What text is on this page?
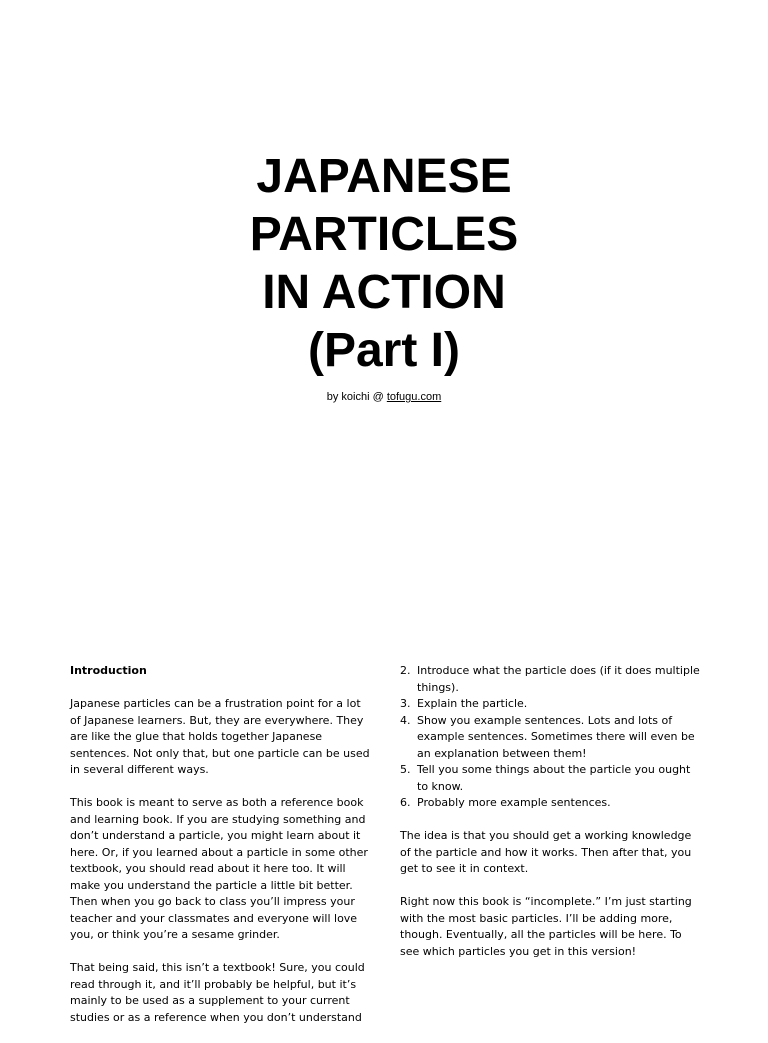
JAPANESE
PARTICLES
IN ACTION
(Part I)
by koichi @ tofugu.com

Introduction

Japanese particles can be a frustration point for a lot of Japanese learners. But, they are everywhere. They are like the glue that holds together Japanese sentences. Not only that, but one particle can be used in several different ways.

This book is meant to serve as both a reference book and learning book. If you are studying something and don’t understand a particle, you might learn about it here. Or, if you learned about a particle in some other textbook, you should read about it here too. It will make you understand the particle a little bit better. Then when you go back to class you’ll impress your teacher and your classmates and everyone will love you, or think you’re a sesame grinder.

That being said, this isn’t a textbook! Sure, you could read through it, and it’ll probably be helpful, but it’s mainly to be used as a supplement to your current studies or as a reference when you don’t understand

2. Introduce what the particle does (if it does multiple things).
3. Explain the particle.
4. Show you example sentences. Lots and lots of example sentences. Sometimes there will even be an explanation between them!
5. Tell you some things about the particle you ought to know.
6. Probably more example sentences.

The idea is that you should get a working knowledge of the particle and how it works. Then after that, you get to see it in context.

Right now this book is “incomplete.” I’m just starting with the most basic particles. I’ll be adding more, though. Eventually, all the particles will be here. To see which particles you get in this version!
